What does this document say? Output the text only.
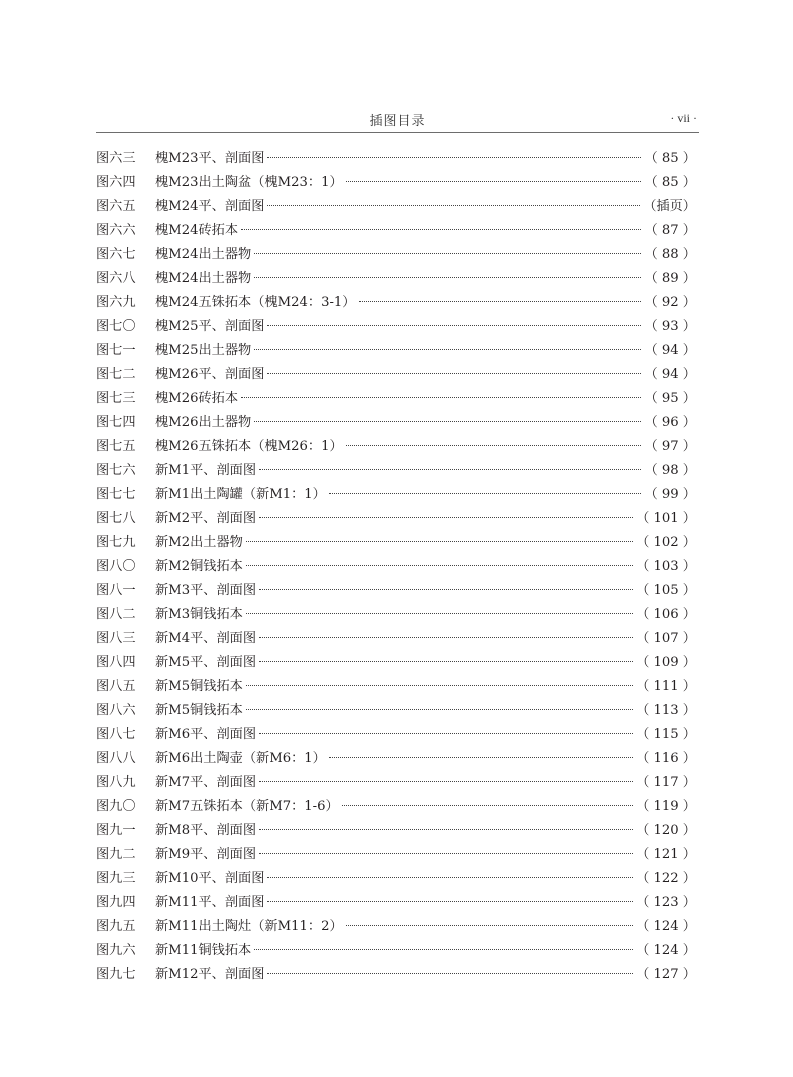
插图目录	· vii ·
图六三	槐M23平、剖面图	（ 85 ）
图六四	槐M23出土陶盆（槐M23：1）	（ 85 ）
图六五	槐M24平、剖面图	（插页）
图六六	槐M24砖拓本	（ 87 ）
图六七	槐M24出土器物	（ 88 ）
图六八	槐M24出土器物	（ 89 ）
图六九	槐M24五铢拓本（槐M24：3-1）	（ 92 ）
图七〇	槐M25平、剖面图	（ 93 ）
图七一	槐M25出土器物	（ 94 ）
图七二	槐M26平、剖面图	（ 94 ）
图七三	槐M26砖拓本	（ 95 ）
图七四	槐M26出土器物	（ 96 ）
图七五	槐M26五铢拓本（槐M26：1）	（ 97 ）
图七六	新M1平、剖面图	（ 98 ）
图七七	新M1出土陶罐（新M1：1）	（ 99 ）
图七八	新M2平、剖面图	（ 101 ）
图七九	新M2出土器物	（ 102 ）
图八〇	新M2铜钱拓本	（ 103 ）
图八一	新M3平、剖面图	（ 105 ）
图八二	新M3铜钱拓本	（ 106 ）
图八三	新M4平、剖面图	（ 107 ）
图八四	新M5平、剖面图	（ 109 ）
图八五	新M5铜钱拓本	（ 111 ）
图八六	新M5铜钱拓本	（ 113 ）
图八七	新M6平、剖面图	（ 115 ）
图八八	新M6出土陶壶（新M6：1）	（ 116 ）
图八九	新M7平、剖面图	（ 117 ）
图九〇	新M7五铢拓本（新M7：1-6）	（ 119 ）
图九一	新M8平、剖面图	（ 120 ）
图九二	新M9平、剖面图	（ 121 ）
图九三	新M10平、剖面图	（ 122 ）
图九四	新M11平、剖面图	（ 123 ）
图九五	新M11出土陶灶（新M11：2）	（ 124 ）
图九六	新M11铜钱拓本	（ 124 ）
图九七	新M12平、剖面图	（ 127 ）
